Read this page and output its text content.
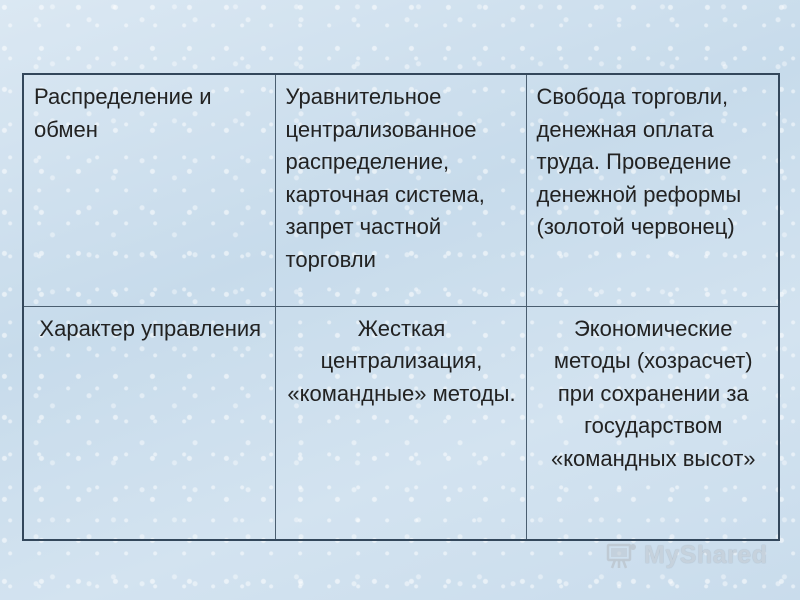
Распределение и обмен	Уравнительное централизованное распределение, карточная система, запрет частной торговли	Свобода торговли, денежная оплата труда. Проведение денежной реформы (золотой червонец)
Характер управления	Жесткая централизация, «командные» методы.	Экономические методы (хозрасчет) при сохранении за государством «командных высот»
MyShared
